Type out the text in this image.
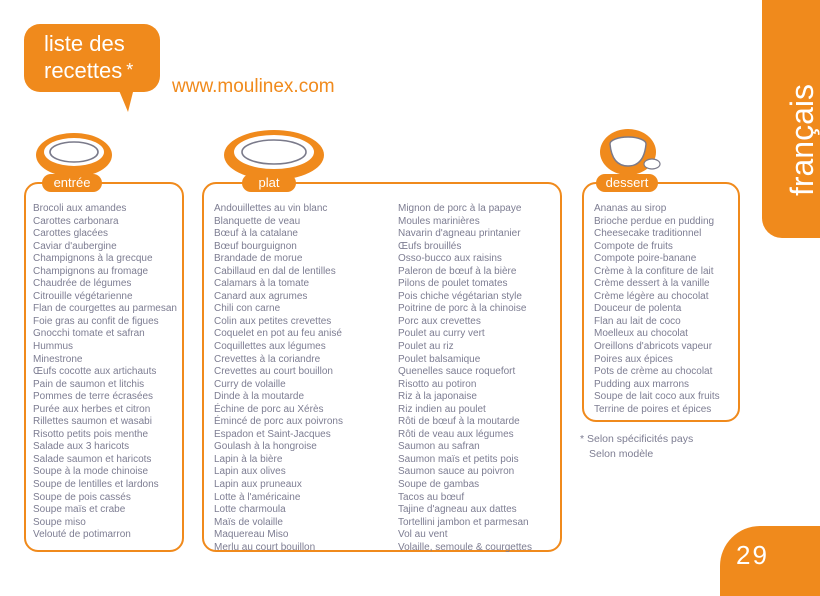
liste des
recettes *
www.moulinex.com	français
entrée	plat	dessert
Brocoli aux amandes
Carottes carbonara
Carottes glacées
Caviar d'aubergine
Champignons à la grecque
Champignons au fromage
Chaudrée de légumes
Citrouille végétarienne
Flan de courgettes au parmesan
Foie gras au confit de figues
Gnocchi tomate et safran
Hummus
Minestrone
Œufs cocotte aux artichauts
Pain de saumon et litchis
Pommes de terre écrasées
Purée aux herbes et citron
Rillettes saumon et wasabi
Risotto petits pois menthe
Salade aux 3 haricots
Salade saumon et haricots
Soupe à la mode chinoise
Soupe de lentilles et lardons
Soupe de pois cassés
Soupe maïs et crabe
Soupe miso
Velouté de potimarron
Andouillettes au vin blanc
Blanquette de veau
Bœuf à la catalane
Bœuf bourguignon
Brandade de morue
Cabillaud en dal de lentilles
Calamars à la tomate
Canard aux agrumes
Chili con carne
Colin aux petites crevettes
Coquelet en pot au feu anisé
Coquillettes aux légumes
Crevettes à la coriandre
Crevettes au court bouillon
Curry de volaille
Dinde à la moutarde
Échine de porc au Xérès
Émincé de porc aux poivrons
Espadon et Saint-Jacques
Goulash à la hongroise
Lapin à la bière
Lapin aux olives
Lapin aux pruneaux
Lotte à l'américaine
Lotte charmoula
Maïs de volaille
Maquereau Miso
Merlu au court bouillon
Mignon de porc à la papaye
Moules marinières
Navarin d'agneau printanier
Œufs brouillés
Osso-bucco aux raisins
Paleron de bœuf à la bière
Pilons de poulet tomates
Pois chiche végétarian style
Poitrine de porc à la chinoise
Porc aux crevettes
Poulet au curry vert
Poulet au riz
Poulet balsamique
Quenelles sauce roquefort
Risotto au potiron
Riz à la japonaise
Riz indien au poulet
Rôti de bœuf à la moutarde
Rôti de veau aux légumes
Saumon au safran
Saumon maïs et petits pois
Saumon sauce au poivron
Soupe de gambas
Tacos au bœuf
Tajine d'agneau aux dattes
Tortellini jambon et parmesan
Vol au vent
Volaille, semoule & courgettes
Ananas au sirop
Brioche perdue en pudding
Cheesecake traditionnel
Compote de fruits
Compote poire-banane
Crème à la confiture de lait
Crème dessert à la vanille
Crème légère au chocolat
Douceur de polenta
Flan au lait de coco
Moelleux au chocolat
Oreillons d'abricots vapeur
Poires aux épices
Pots de crème au chocolat
Pudding aux marrons
Soupe de lait coco aux fruits
Terrine de poires et épices
* Selon spécificités pays
Selon modèle
29
